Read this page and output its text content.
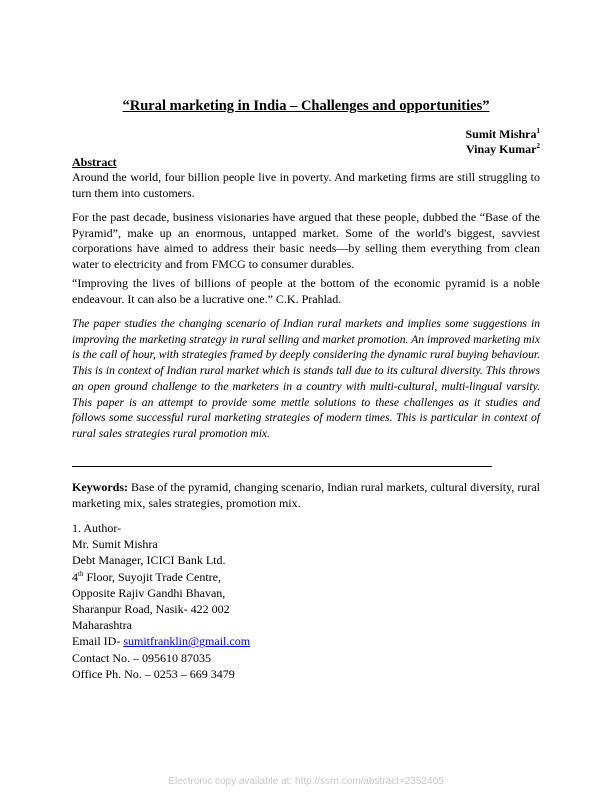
“Rural marketing in India – Challenges and opportunities”
Sumit Mishra$^1$
Vinay Kumar$^2$
Abstract

Around the world, four billion people live in poverty. And marketing firms are still struggling to turn them into customers.

For the past decade, business visionaries have argued that these people, dubbed the “Base of the Pyramid”, make up an enormous, untapped market. Some of the world's biggest, savviest corporations have aimed to address their basic needs—by selling them everything from clean water to electricity and from FMCG to consumer durables.

“Improving the lives of billions of people at the bottom of the economic pyramid is a noble endeavour. It can also be a lucrative one.” C.K. Prahlad.

The paper studies the changing scenario of Indian rural markets and implies some suggestions in improving the marketing strategy in rural selling and market promotion. An improved marketing mix is the call of hour, with strategies framed by deeply considering the dynamic rural buying behaviour. This is in context of Indian rural market which is stands tall due to its cultural diversity. This throws an open ground challenge to the marketers in a country with multi-cultural, multi-lingual varsity. This paper is an attempt to provide some mettle solutions to these challenges as it studies and follows some successful rural marketing strategies of modern times. This is particular in context of rural sales strategies rural promotion mix.

Keywords: Base of the pyramid, changing scenario, Indian rural markets, cultural diversity, rural marketing mix, sales strategies, promotion mix.

1. Author-
Mr. Sumit Mishra
Debt Manager, ICICI Bank Ltd.
4th Floor, Suyojit Trade Centre,
Opposite Rajiv Gandhi Bhavan,
Sharanpur Road, Nasik- 422 002
Maharashtra
Email ID- sumitfranklin@gmail.com
Contact No. – 095610 87035
Office Ph. No. – 0253 – 669 3479
Electronic copy available at: http://ssrn.com/abstract=2352405
